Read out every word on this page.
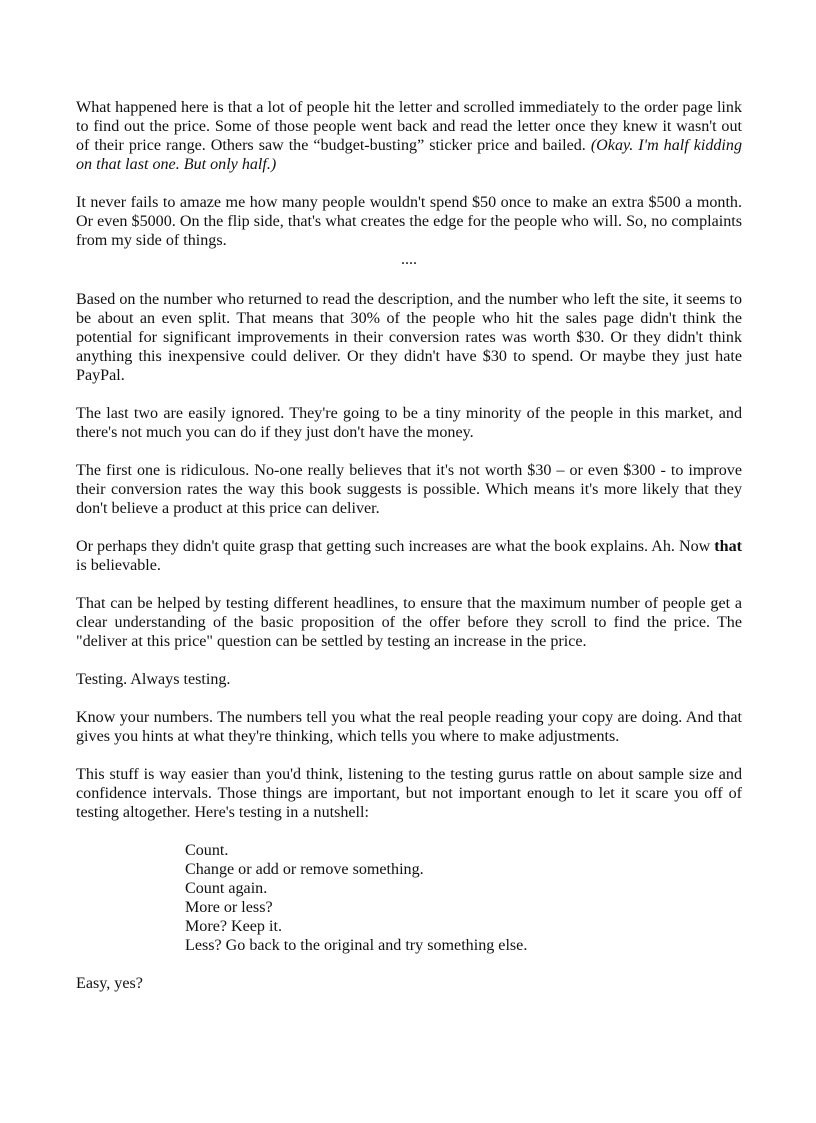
What happened here is that a lot of people hit the letter and scrolled immediately to the order page link to find out the price. Some of those people went back and read the letter once they knew it wasn't out of their price range. Others saw the “budget-busting” sticker price and bailed. (Okay. I'm half kidding on that last one. But only half.)

It never fails to amaze me how many people wouldn't spend $50 once to make an extra $500 a month. Or even $5000. On the flip side, that's what creates the edge for the people who will. So, no complaints from my side of things.

....

Based on the number who returned to read the description, and the number who left the site, it seems to be about an even split. That means that 30% of the people who hit the sales page didn't think the potential for significant improvements in their conversion rates was worth $30. Or they didn't think anything this inexpensive could deliver. Or they didn't have $30 to spend. Or maybe they just hate PayPal.

The last two are easily ignored. They're going to be a tiny minority of the people in this market, and there's not much you can do if they just don't have the money.

The first one is ridiculous. No-one really believes that it's not worth $30 – or even $300 - to improve their conversion rates the way this book suggests is possible. Which means it's more likely that they don't believe a product at this price can deliver.

Or perhaps they didn't quite grasp that getting such increases are what the book explains. Ah. Now that is believable.

That can be helped by testing different headlines, to ensure that the maximum number of people get a clear understanding of the basic proposition of the offer before they scroll to find the price. The "deliver at this price" question can be settled by testing an increase in the price.

Testing. Always testing.

Know your numbers. The numbers tell you what the real people reading your copy are doing. And that gives you hints at what they're thinking, which tells you where to make adjustments.

This stuff is way easier than you'd think, listening to the testing gurus rattle on about sample size and confidence intervals. Those things are important, but not important enough to let it scare you off of testing altogether. Here's testing in a nutshell:

Count.
Change or add or remove something.
Count again.
More or less?
More? Keep it.
Less? Go back to the original and try something else.

Easy, yes?
